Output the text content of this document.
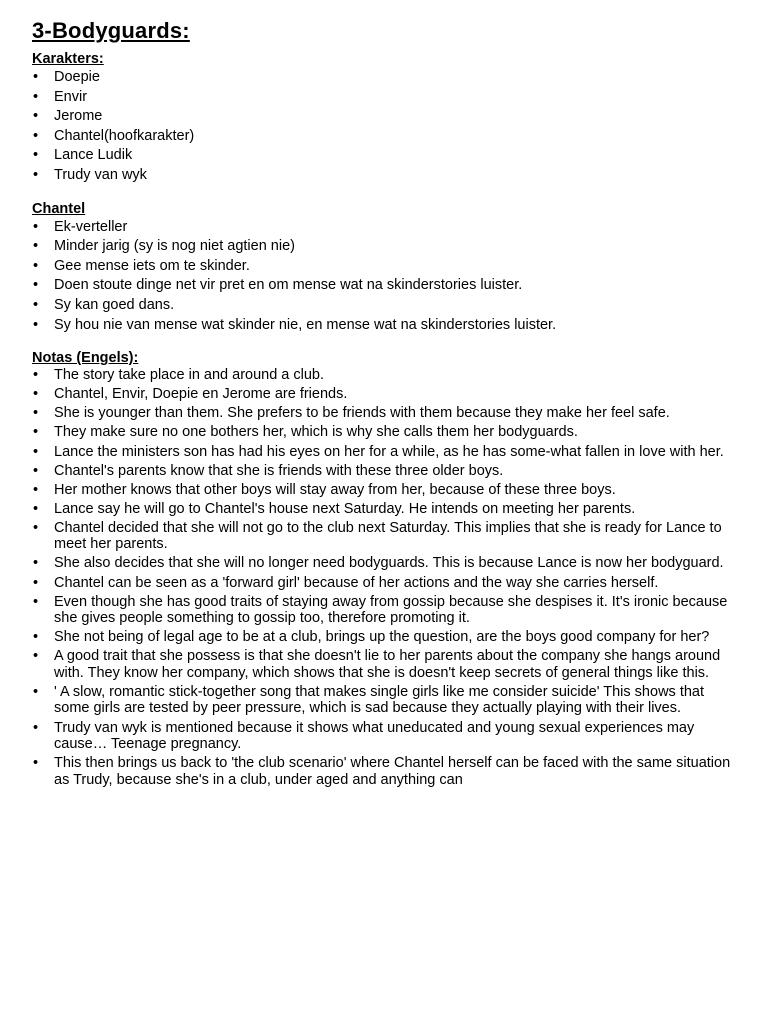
3-Bodyguards:
Karakters:
• Doepie
• Envir
• Jerome
• Chantel(hoofkarakter)
• Lance Ludik
• Trudy van wyk
Chantel
• Ek-verteller
• Minder jarig (sy is nog niet agtien nie)
• Gee mense iets om te skinder.
• Doen stoute dinge net vir pret en om mense wat na skinderstories luister.
• Sy kan goed dans.
• Sy hou nie van mense wat skinder nie, en mense wat na skinderstories luister.
Notas (Engels):
• The story take place in and around a club.
• Chantel, Envir, Doepie en Jerome are friends.
• She is younger than them. She prefers to be friends with them because they make her feel safe.
• They make sure no one bothers her, which is why she calls them her bodyguards.
• Lance the ministers son has had his eyes on her for a while, as he has some-what fallen in love with her.
• Chantel's parents know that she is friends with these three older boys.
• Her mother knows that other boys will stay away from her, because of these three boys.
• Lance say he will go to Chantel's house next Saturday. He intends on meeting her parents.
• Chantel decided that she will not go to the club next Saturday. This implies that she is ready for Lance to meet her parents.
• She also decides that she will no longer need bodyguards. This is because Lance is now her bodyguard.
• Chantel can be seen as a 'forward girl' because of her actions and the way she carries herself.
• Even though she has good traits of staying away from gossip because she despises it. It's ironic because she gives people something to gossip too, therefore promoting it.
• She not being of legal age to be at a club, brings up the question, are the boys good company for her?
• A good trait that she possess is that she doesn't lie to her parents about the company she hangs around with. They know her company, which shows that she is doesn't keep secrets of general things like this.
• ' A slow, romantic stick-together song that makes single girls like me consider suicide' This shows that some girls are tested by peer pressure, which is sad because they actually playing with their lives.
• Trudy van wyk is mentioned because it shows what uneducated and young sexual experiences may cause… Teenage pregnancy.
• This then brings us back to 'the club scenario' where Chantel herself can be faced with the same situation as Trudy, because she's in a club, under aged and anything can
